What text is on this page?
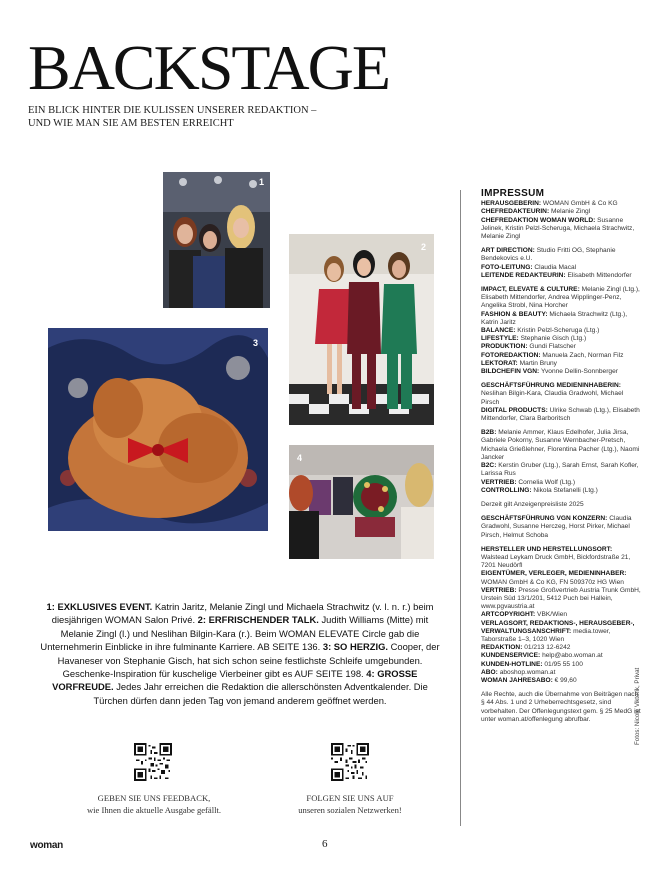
BACKSTAGE
EIN BLICK HINTER DIE KULISSEN UNSERER REDAKTION –
UND WIE MAN SIE AM BESTEN ERREICHT
1
2
3
4
1: EXKLUSIVES EVENT. Katrin Jaritz, Melanie Zingl und Michaela Strachwitz (v. l. n. r.) beim diesjährigen WOMAN Salon Privé. 2: ERFRISCHENDER TALK. Judith Williams (Mitte) mit Melanie Zingl (l.) und Neslihan Bilgin-Kara (r.). Beim WOMAN ELEVATE Circle gab die Unternehmerin Einblicke in ihre fulminante Karriere. AB SEITE 136. 3: SO HERZIG. Cooper, der Havaneser von Stephanie Gisch, hat sich schon seine festlichste Schleife umgebunden. Geschenke-Inspiration für kuschelige Vierbeiner gibt es AUF SEITE 198. 4: GROSSE VORFREUDE. Jedes Jahr erreichen die Redaktion die allerschönsten Adventkalender. Die Türchen dürfen dann jeden Tag von jemand anderem geöffnet werden.
GEBEN SIE UNS FEEDBACK,
wie Ihnen die aktuelle Ausgabe gefällt.
FOLGEN SIE UNS AUF
unseren sozialen Netzwerken!
IMPRESSUM
HERAUSGEBERIN: WOMAN GmbH & Co KG
CHEFREDAKTEURIN: Melanie Zingl
CHEFREDAKTION WOMAN WORLD: Susanne Jelinek, Kristin Pelzl-Scheruga, Michaela Strachwitz, Melanie Zingl
ART DIRECTION: Studio Fritti OG, Stephanie Bendekovics e.U.
FOTO-LEITUNG: Claudia Macal
LEITENDE REDAKTEURIN: Elisabeth Mittendorfer
IMPACT, ELEVATE & CULTURE: Melanie Zingl (Ltg.), Elisabeth Mittendorfer, Andrea Wipplinger-Penz, Angelika Strobl, Nina Horcher
FASHION & BEAUTY: Michaela Strachwitz (Ltg.), Katrin Jaritz
BALANCE: Kristin Pelzl-Scheruga (Ltg.)
LIFESTYLE: Stephanie Gisch (Ltg.)
PRODUKTION: Gundi Flatscher
FOTOREDAKTION: Manuela Zach, Norman Filz
LEKTORAT: Martin Bruny
BILDCHEFIN VGN: Yvonne Dellin-Sonnberger
GESCHÄFTSFÜHRUNG MEDIENINHABERIN: Neslihan Bilgin-Kara, Claudia Gradwohl, Michael Pirsch
DIGITAL PRODUCTS: Ulrike Schwab (Ltg.), Elisabeth Mittendorfer, Clara Barboritsch
B2B: Melanie Ammer, Klaus Edelhofer, Julia Jirsa, Gabriele Pokorny, Susanne Wernbacher-Pretsch, Michaela Grießlehner, Florentina Pacher (Ltg.), Naomi Jancker
B2C: Kerstin Gruber (Ltg.), Sarah Ernst, Sarah Kofler, Larissa Rus
VERTRIEB: Cornelia Wolf (Ltg.)
CONTROLLING: Nikola Stefanelli (Ltg.)
Derzeit gilt Anzeigenpreisliste 2025
GESCHÄFTSFÜHRUNG VGN KONZERN: Claudia Gradwohl, Susanne Herczeg, Horst Pirker, Michael Pirsch, Helmut Schoba
HERSTELLER UND HERSTELLUNGSORT: Walstead Leykam Druck GmbH, Bickfordstraße 21, 7201 Neudörfl
EIGENTÜMER, VERLEGER, MEDIENINHABER: WOMAN GmbH & Co KG, FN 509370z HG Wien
VERTRIEB: Presse Großvertrieb Austria Trunk GmbH, Urstein Süd 13/1/201, 5412 Puch bei Hallein, www.pgvaustria.at
ARTCOPYRIGHT: VBK/Wien
VERLAGSORT, REDAKTIONS-, HERAUSGEBER-, VERWALTUNGSANSCHRIFT: media.tower, Taborstraße 1–3, 1020 Wien
REDAKTION: 01/213 12-6242
KUNDENSERVICE: help@abo.woman.at
KUNDEN-HOTLINE: 01/95 55 100
ABO: aboshop.woman.at
WOMAN JAHRESABO: € 99,60
Alle Rechte, auch die Übernahme von Beiträgen nach § 44 Abs. 1 und 2 Urheberrechtsgesetz, sind vorbehalten. Der Offenlegungstext gem. § 25 MedG ist unter woman.at/offenlegung abrufbar.	Fotos: Nicole Viktorik, Privat
woman	6
